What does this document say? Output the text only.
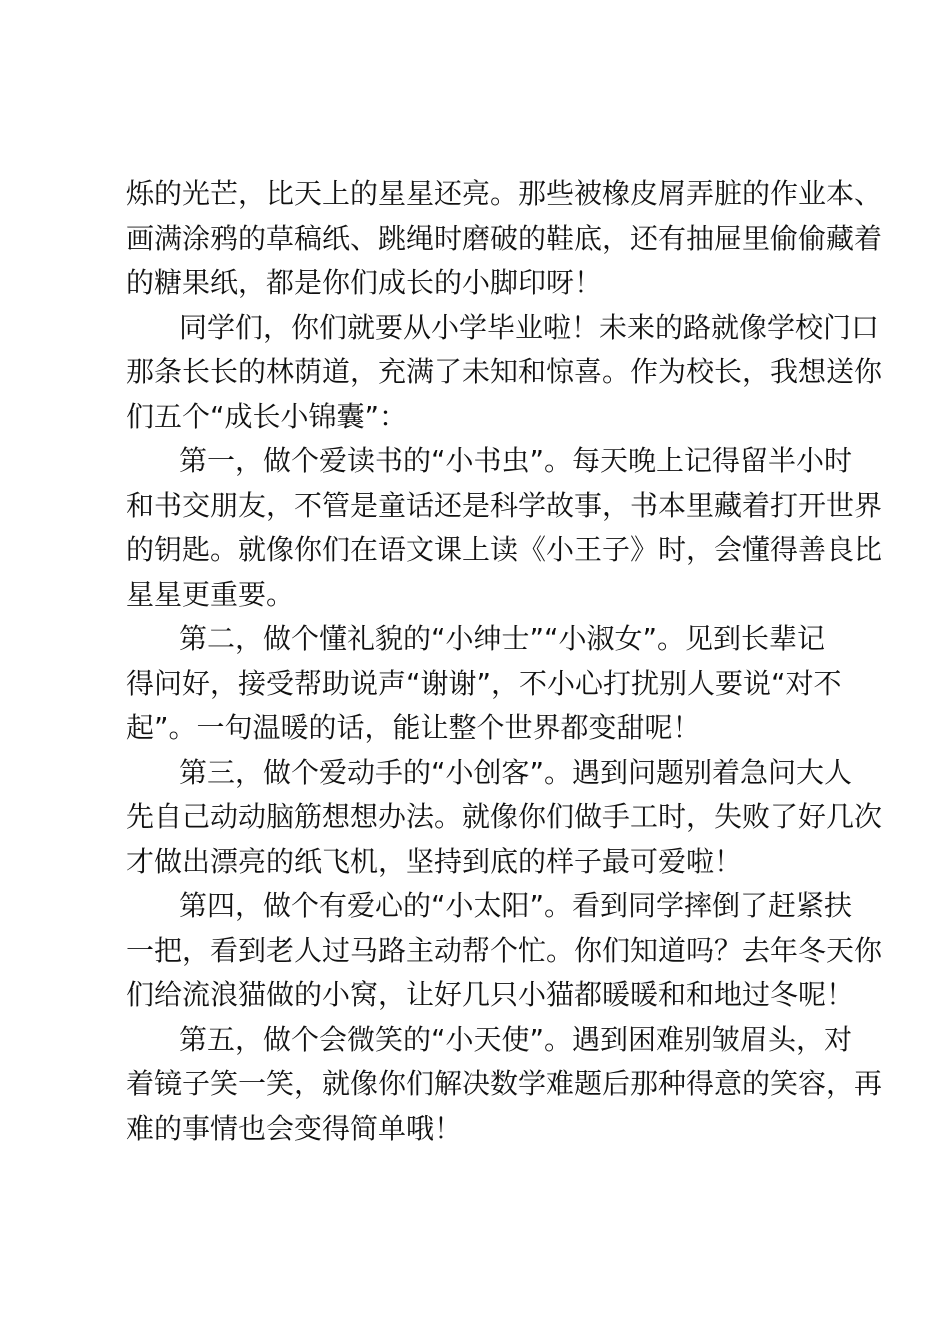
烁的光芒，比天上的星星还亮。那些被橡皮屑弄脏的作业本、
画满涂鸦的草稿纸、跳绳时磨破的鞋底，还有抽屉里偷偷藏着
的糖果纸，都是你们成长的小脚印呀！
同学们，你们就要从小学毕业啦！未来的路就像学校门口
那条长长的林荫道，充满了未知和惊喜。作为校长，我想送你
们五个“成长小锦囊”：
第一，做个爱读书的“小书虫”。每天晚上记得留半小时
和书交朋友，不管是童话还是科学故事，书本里藏着打开世界
的钥匙。就像你们在语文课上读《小王子》时，会懂得善良比
星星更重要。
第二，做个懂礼貌的“小绅士”“小淑女”。见到长辈记
得问好，接受帮助说声“谢谢”，不小心打扰别人要说“对不
起”。一句温暖的话，能让整个世界都变甜呢！
第三，做个爱动手的“小创客”。遇到问题别着急问大人
先自己动动脑筋想想办法。就像你们做手工时，失败了好几次
才做出漂亮的纸飞机，坚持到底的样子最可爱啦！
第四，做个有爱心的“小太阳”。看到同学摔倒了赶紧扶
一把，看到老人过马路主动帮个忙。你们知道吗？去年冬天你
们给流浪猫做的小窝，让好几只小猫都暖暖和和地过冬呢！
第五，做个会微笑的“小天使”。遇到困难别皱眉头，对
着镜子笑一笑，就像你们解决数学难题后那种得意的笑容，再
难的事情也会变得简单哦！
